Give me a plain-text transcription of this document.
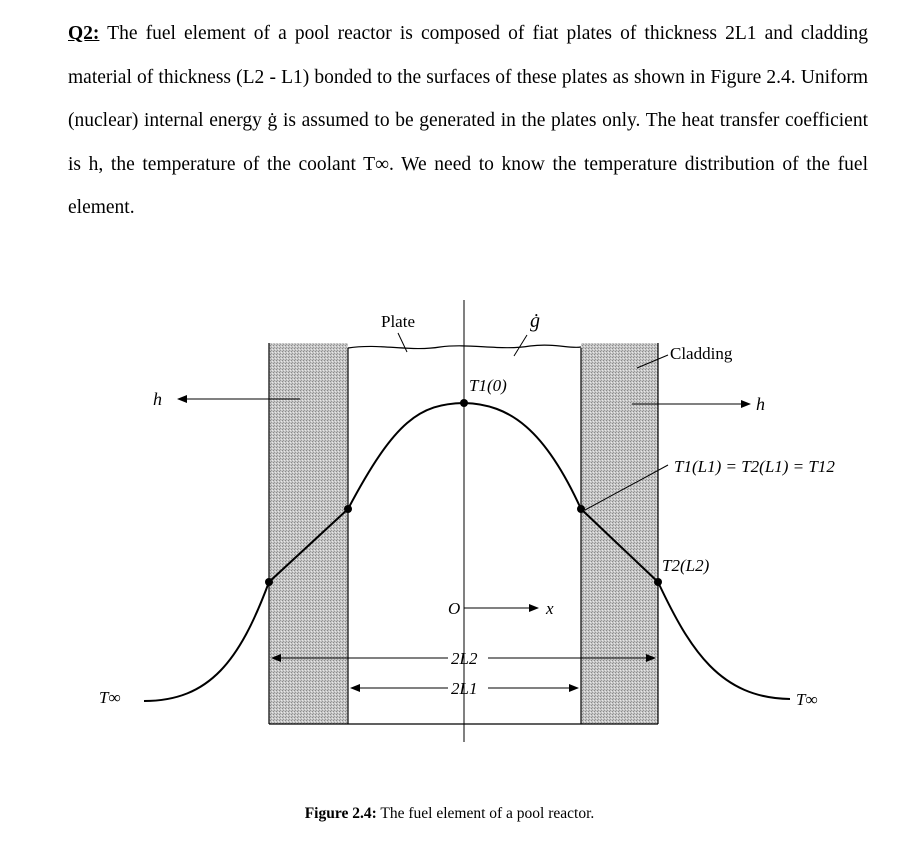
Q2: The fuel element of a pool reactor is composed of fiat plates of thickness 2L1 and cladding material of thickness (L2 - L1) bonded to the surfaces of these plates as shown in Figure 2.4. Uniform (nuclear) internal energy ġ is assumed to be generated in the plates only. The heat transfer coefficient is h, the temperature of the coolant T∞. We need to know the temperature distribution of the fuel element.

Plate	ġ
Cladding
h	h
T1(0)
T1(L1) = T2(L1) = T12
T2(L2)
O	x
2L2
2L1
T∞	T∞

Figure 2.4: The fuel element of a pool reactor.
